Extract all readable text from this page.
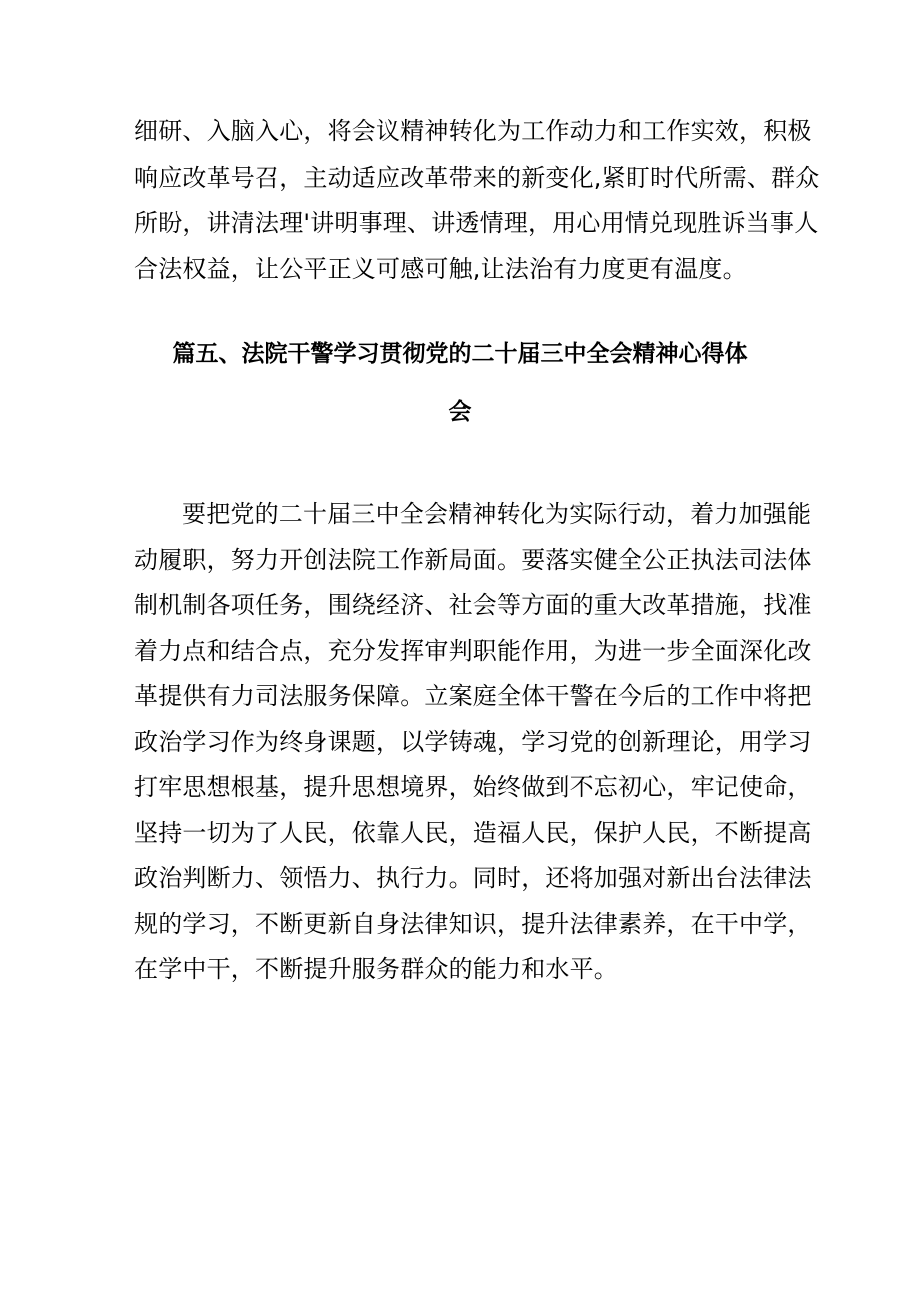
细研、入脑入心，将会议精神转化为工作动力和工作实效，积极
响应改革号召，主动适应改革带来的新变化,紧盯时代所需、群众
所盼，讲清法理'讲明事理、讲透情理，用心用情兑现胜诉当事人
合法权益，让公平正义可感可触,让法治有力度更有温度。
篇五、法院干警学习贯彻党的二十届三中全会精神心得体
会
要把党的二十届三中全会精神转化为实际行动，着力加强能
动履职，努力开创法院工作新局面。要落实健全公正执法司法体
制机制各项任务，围绕经济、社会等方面的重大改革措施，找准
着力点和结合点，充分发挥审判职能作用，为进一步全面深化改
革提供有力司法服务保障。立案庭全体干警在今后的工作中将把
政治学习作为终身课题，以学铸魂，学习党的创新理论，用学习
打牢思想根基，提升思想境界，始终做到不忘初心，牢记使命，
坚持一切为了人民，依靠人民，造福人民，保护人民，不断提高
政治判断力、领悟力、执行力。同时，还将加强对新出台法律法
规的学习，不断更新自身法律知识，提升法律素养，在干中学，
在学中干，不断提升服务群众的能力和水平。
